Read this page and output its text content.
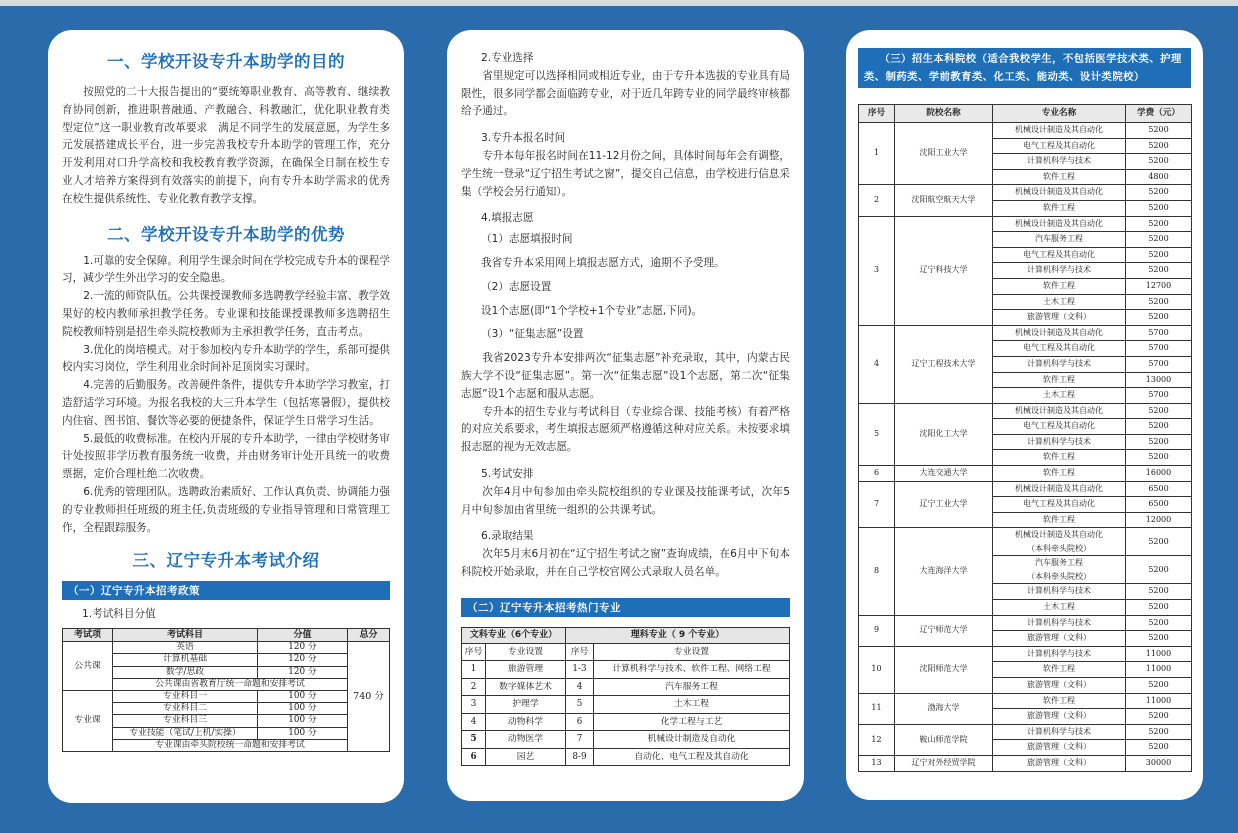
一、学校开设专升本助学的目的

按照党的二十大报告提出的“要统筹职业教育、高等教育、继续教育协同创新，推进职普融通、产教融合、科教融汇，优化职业教育类型定位”这一职业教育改革要求　满足不同学生的发展意愿，为学生多元发展搭建成长平台，进一步完善我校专升本助学的管理工作，充分开发利用对口升学高校和我校教育教学资源，在确保全日制在校生专业人才培养方案得到有效落实的前提下，向有专升本助学需求的优秀在校生提供系统性、专业化教育教学支撑。

二、学校开设专升本助学的优势

1.可靠的安全保障。利用学生课余时间在学校完成专升本的课程学习，减少学生外出学习的安全隐患。

2.一流的师资队伍。公共课授课教师多选聘教学经验丰富、教学效果好的校内教师承担教学任务。专业课和技能课授课教师多选聘招生院校教师特别是招生牵头院校教师为主承担教学任务，直击考点。

3.优化的岗培模式。对于参加校内专升本助学的学生，系部可提供校内实习岗位，学生利用业余时间补足顶岗实习课时。

4.完善的后勤服务。改善硬件条件，提供专升本助学学习教室，打造舒适学习环境。为报名我校的大三升本学生（包括寒暑假），提供校内住宿、图书馆、餐饮等必要的便捷条件，保证学生日常学习生活。

5.最低的收费标准。在校内开展的专升本助学，一律由学校财务审计处按照非学历教育服务统一收费，并由财务审计处开具统一的收费票据，定价合理杜绝二次收费。

6.优秀的管理团队。选聘政治素质好、工作认真负责、协调能力强的专业教师担任班级的班主任,负责班级的专业指导管理和日常管理工作，全程跟踪服务。

三、辽宁专升本考试介绍
（一）辽宁专升本招考政策

1.考试科目分值

考试项	考试科目	分值	总分
公共课	英语	120 分	740 分
	计算机基础	120 分	
	数学/思政	120 分	
	公共课由省教育厅统一命题和安排考试		
专业课	专业科目一	100 分	
	专业科目二	100 分	
	专业科目三	100 分	
	专业技能（笔试/上机/实操）	100 分	
	专业课由牵头院校统一命题和安排考试		

2.专业选择

省里规定可以选择相同或相近专业，由于专升本选拔的专业具有局限性，很多同学都会面临跨专业，对于近几年跨专业的同学最终审核都给予通过。

3.专升本报名时间

专升本每年报名时间在11-12月份之间，具体时间每年会有调整，学生统一登录“辽宁招生考试之窗”，提交自己信息，由学校进行信息采集（学校会另行通知）。

4.填报志愿

（1）志愿填报时间

我省专升本采用网上填报志愿方式，逾期不予受理。

（2）志愿设置

设1个志愿(即“1个学校+1个专业”志愿,下同)。

（3）“征集志愿”设置

我省2023专升本安排两次“征集志愿”补充录取，其中，内蒙古民族大学不设“征集志愿”。第一次“征集志愿”设1个志愿，第二次“征集志愿”设1个志愿和服从志愿。

专升本的招生专业与考试科目（专业综合课、技能考核）有着严格的对应关系要求，考生填报志愿须严格遵循这种对应关系。未按要求填报志愿的视为无效志愿。

5.考试安排

次年4月中旬参加由牵头院校组织的专业课及技能课考试，次年5月中旬参加由省里统一组织的公共课考试。

6.录取结果

次年5月末6月初在“辽宁招生考试之窗”查询成绩，在6月中下旬本科院校开始录取，并在自己学校官网公式录取人员名单。

（二）辽宁专升本招考热门专业
文科专业（6个专业）		理科专业（ 9 个专业）	
序号	专业设置	序号	专业设置
1	旅游管理	1-3	计算机科学与技术、软件工程、网络工程
2	数字媒体艺术	4	汽车服务工程
3	护理学	5	土木工程
4	动物科学	6	化学工程与工艺
5	动物医学	7	机械设计制造及自动化
6	园艺	8-9	自动化、电气工程及其自动化
（三）招生本科院校（适合我校学生，不包括医学技术类、护理类、制药类、学前教育类、化工类、能动类、设计类院校）
序号	院校名称	专业名称	学费（元）
1	沈阳工业大学	机械设计制造及其自动化	5200
		电气工程及其自动化	5200
		计算机科学与技术	5200
		软件工程	4800
2	沈阳航空航天大学	机械设计制造及其自动化	5200
		软件工程	5200
3	辽宁科技大学	机械设计制造及其自动化	5200
		汽车服务工程	5200
		电气工程及其自动化	5200
		计算机科学与技术	5200
		软件工程	12700
		土木工程	5200
		旅游管理（文科）	5200
4	辽宁工程技术大学	机械设计制造及其自动化	5700
		电气工程及其自动化	5700
		计算机科学与技术	5700
		软件工程	13000
		土木工程	5700
5	沈阳化工大学	机械设计制造及其自动化	5200
		电气工程及其自动化	5200
		计算机科学与技术	5200
		软件工程	5200
6	大连交通大学	软件工程	16000
7	辽宁工业大学	机械设计制造及其自动化	6500
		电气工程及其自动化	6500
		软件工程	12000
8	大连海洋大学	机械设计制造及其自动化
（本科牵头院校）	5200
		汽车服务工程
（本科牵头院校）	5200
		计算机科学与技术	5200
		土木工程	5200
9	辽宁师范大学	计算机科学与技术	5200
		旅游管理（文科）	5200
10	沈阳师范大学	计算机科学与技术	11000
		软件工程	11000
		旅游管理（文科）	5200
11	渤海大学	软件工程	11000
		旅游管理（文科）	5200
12	鞍山师范学院	计算机科学与技术	5200
		旅游管理（文科）	5200
13	辽宁对外经贸学院	旅游管理（文科）	30000
